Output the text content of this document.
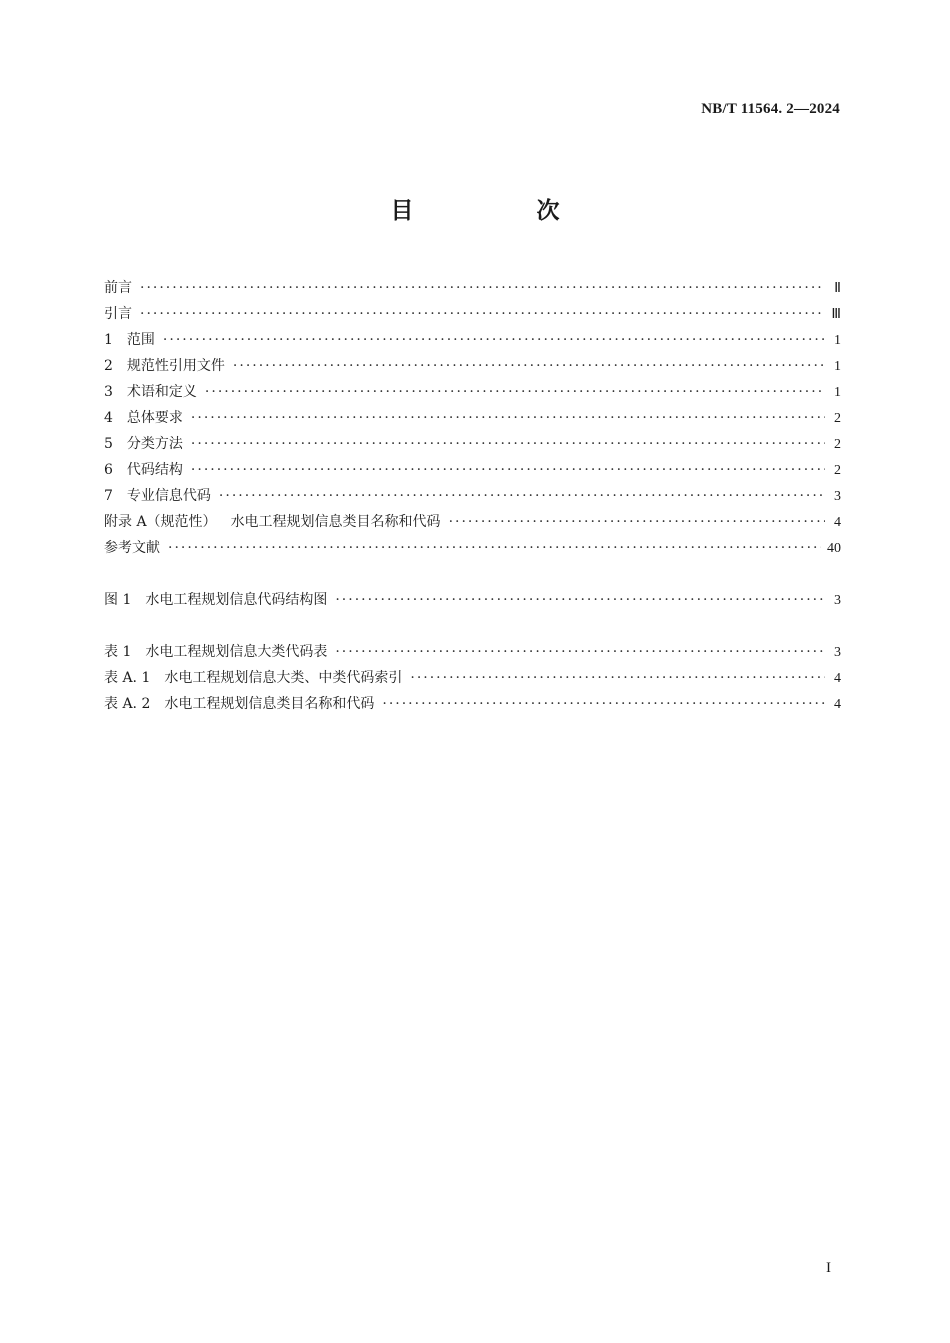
NB/T 11564. 2—2024
目　次
前言 ·····	Ⅱ
引言 ·····	Ⅲ
1 范围 ·····	1
2 规范性引用文件 ·····	1
3 术语和定义 ·····	1
4 总体要求 ·····	2
5 分类方法 ·····	2
6 代码结构 ·····	2
7 专业信息代码 ·····	3
附录 A（规范性） 水电工程规划信息类目名称和代码 ·····	4
参考文献 ·····	40
图 1 水电工程规划信息代码结构图 ·····	3
表 1 水电工程规划信息大类代码表 ·····	3
表 A. 1 水电工程规划信息大类、中类代码索引 ·····	4
表 A. 2 水电工程规划信息类目名称和代码 ·····	4
I
